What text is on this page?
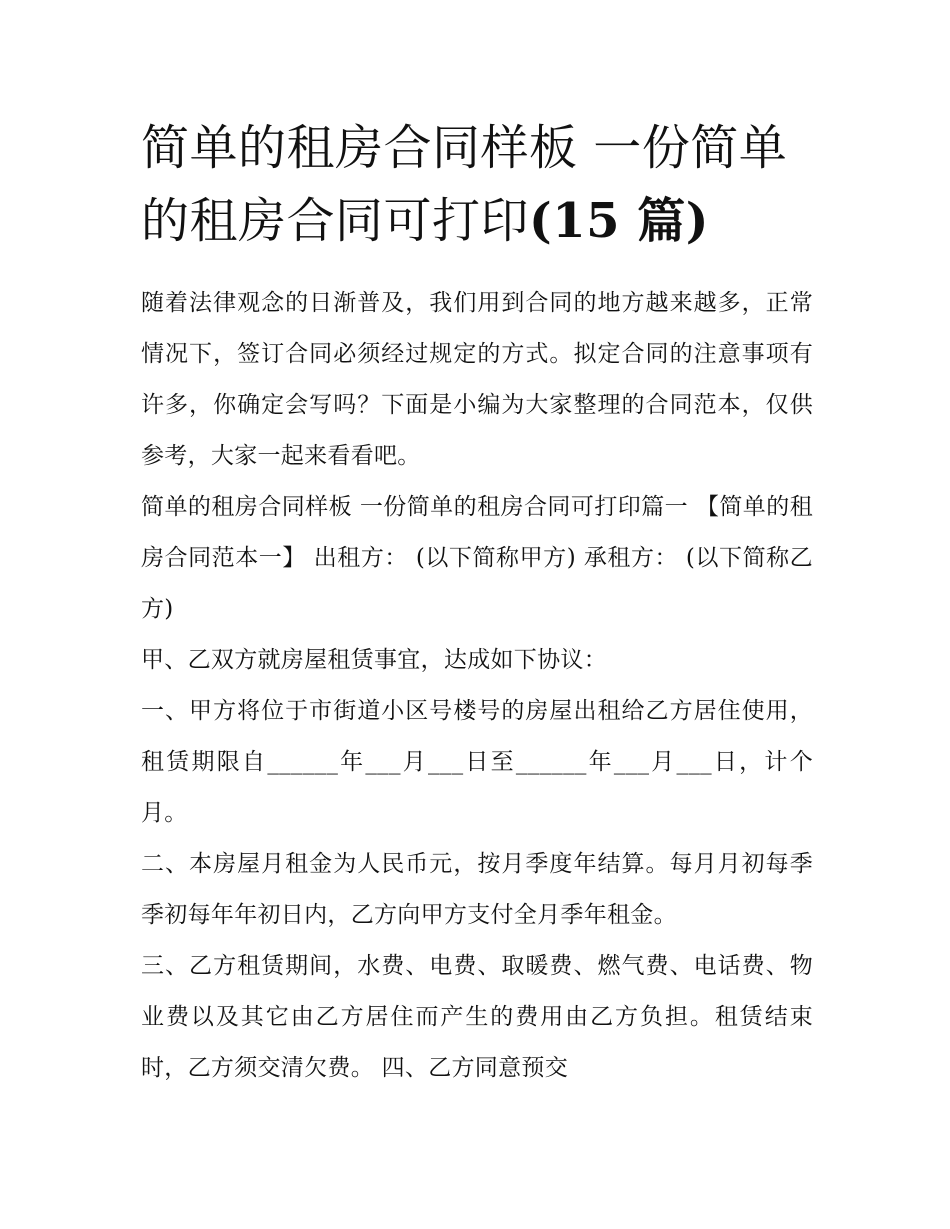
简单的租房合同样板 一份简单的租房合同可打印(15 篇)

随着法律观念的日渐普及，我们用到合同的地方越来越多，正常情况下，签订合同必须经过规定的方式。拟定合同的注意事项有许多，你确定会写吗？下面是小编为大家整理的合同范本，仅供参考，大家一起来看看吧。

简单的租房合同样板 一份简单的租房合同可打印篇一 【简单的租房合同范本一】 出租方： (以下简称甲方) 承租方： (以下简称乙方)

甲、乙双方就房屋租赁事宜，达成如下协议：

一、甲方将位于市街道小区号楼号的房屋出租给乙方居住使用，租赁期限自______年___月___日至______年___月___日，计个月。

二、本房屋月租金为人民币元，按月季度年结算。每月月初每季季初每年年初日内，乙方向甲方支付全月季年租金。

三、乙方租赁期间，水费、电费、取暖费、燃气费、电话费、物业费以及其它由乙方居住而产生的费用由乙方负担。租赁结束时，乙方须交清欠费。 四、乙方同意预交
